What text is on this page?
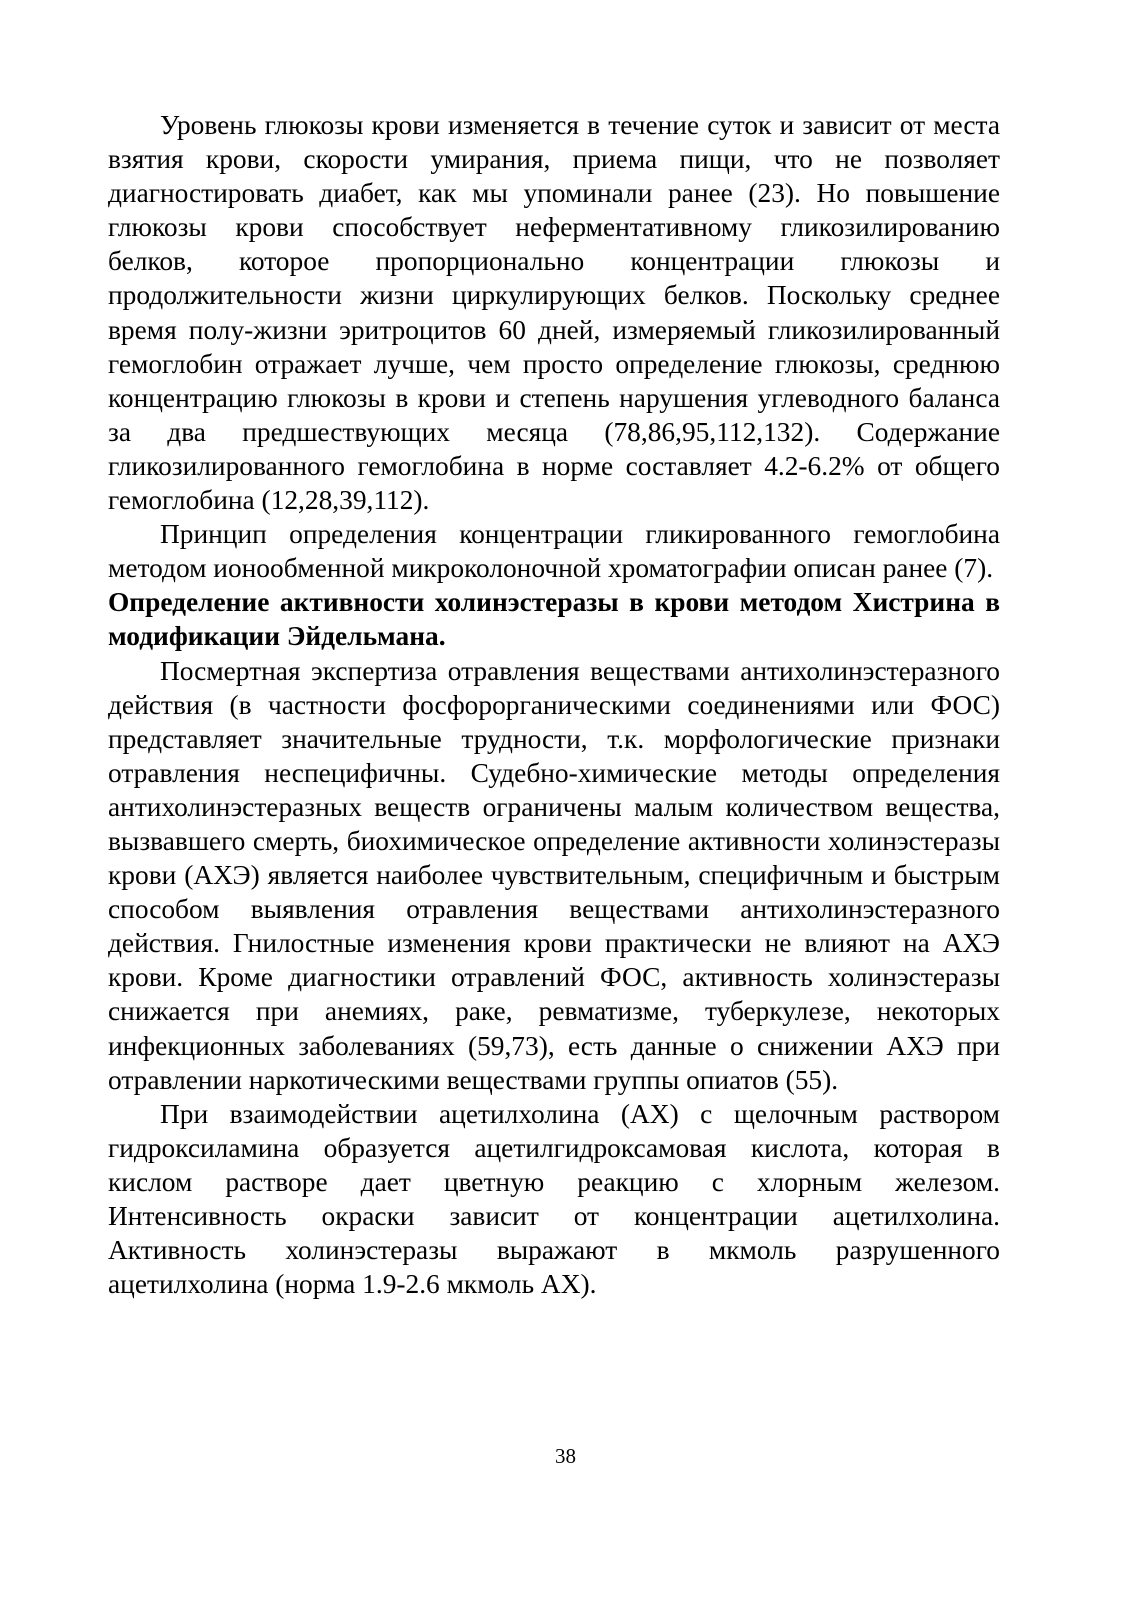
Уровень глюкозы крови изменяется в течение суток и зависит от места взятия крови, скорости умирания, приема пищи, что не позволяет диагностировать диабет, как мы упоминали ранее (23). Но повышение глюкозы крови способствует неферментативному гликозилированию белков, которое пропорционально концентрации глюкозы и продолжительности жизни циркулирующих белков. Поскольку среднее время полу-жизни эритроцитов 60 дней, измеряемый гликозилированный гемоглобин отражает лучше, чем просто определение глюкозы, среднюю концентрацию глюкозы в крови и степень нарушения углеводного баланса за два предшествующих месяца (78,86,95,112,132). Содержание гликозилированного гемоглобина в норме составляет 4.2-6.2% от общего гемоглобина (12,28,39,112).

Принцип определения концентрации гликированного гемоглобина методом ионообменной микроколоночной хроматографии описан ранее (7).

Определение активности холинэстеразы в крови методом Хистрина в модификации Эйдельмана.

Посмертная экспертиза отравления веществами антихолинэстеразного действия (в частности фосфорорганическими соединениями или ФОС) представляет значительные трудности, т.к. морфологические признаки отравления неспецифичны. Судебно-химические методы определения антихолинэстеразных веществ ограничены малым количеством вещества, вызвавшего смерть, биохимическое определение активности холинэстеразы крови (АХЭ) является наиболее чувствительным, специфичным и быстрым способом выявления отравления веществами антихолинэстеразного действия. Гнилостные изменения крови практически не влияют на АХЭ крови. Кроме диагностики отравлений ФОС, активность холинэстеразы снижается при анемиях, раке, ревматизме, туберкулезе, некоторых инфекционных заболеваниях (59,73), есть данные о снижении АХЭ при отравлении наркотическими веществами группы опиатов (55).

При взаимодействии ацетилхолина (АХ) с щелочным раствором гидроксиламина образуется ацетилгидроксамовая кислота, которая в кислом растворе дает цветную реакцию с хлорным железом. Интенсивность окраски зависит от концентрации ацетилхолина. Активность холинэстеразы выражают в мкмоль разрушенного ацетилхолина (норма 1.9-2.6 мкмоль АХ).

38
